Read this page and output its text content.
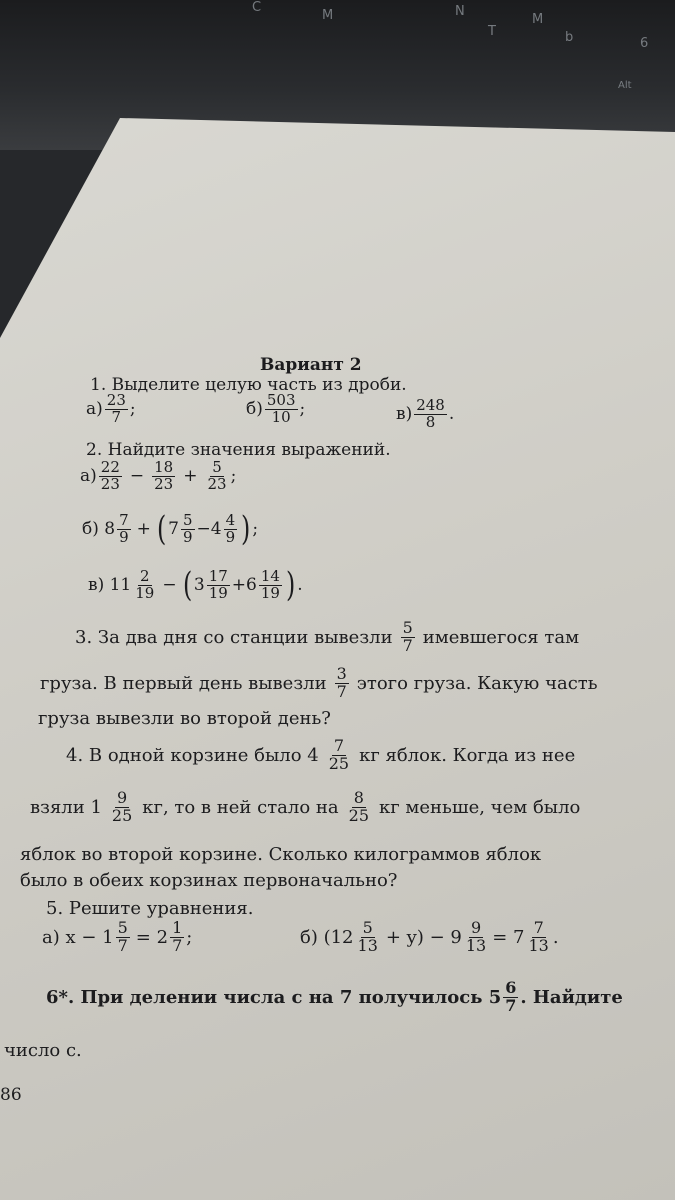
C
M	N
T
M
b	6
Alt
Вариант 2
1. Выделите целую часть из дроби.
$а) \frac{23}{7}$ ;	$б) \frac{503}{10}$ ;	$в) \frac{248}{8}$ .
2. Найдите значения выражений.
$а) \frac{22}{23} - \frac{18}{23} + \frac{5}{23}$ ;
б) $8 \frac{7}{9}$ + ( $7 \frac{5}{9} -4 \frac{4}{9}$ ) ;
в) $11 \frac{2}{19}$ − ( $3 \frac{17}{19} +6 \frac{14}{19}$ ) .
3. За два дня со станции вывезли $\frac{5}{7}$ имевшегося там
груза. В первый день вывезли $\frac{3}{7}$ этого груза. Какую часть
груза вывезли во второй день?
4. В одной корзине было $4 \frac{7}{25}$ кг яблок. Когда из нее
взяли $1 \frac{9}{25}$ кг, то в ней стало на $\frac{8}{25}$ кг меньше, чем было
яблок во второй корзине. Сколько килограммов яблок
было в обеих корзинах первоначально?
5. Решите уравнения.
а) $x - 1 \frac{5}{7} = 2 \frac{1}{7}$ ;	б) $(12 \frac{5}{13} + y) - 9 \frac{9}{13} = 7 \frac{7}{13}$ .
6*. При делении числа c на 7 получилось $5 \frac{6}{7}$ . Найдите
число c.
86
